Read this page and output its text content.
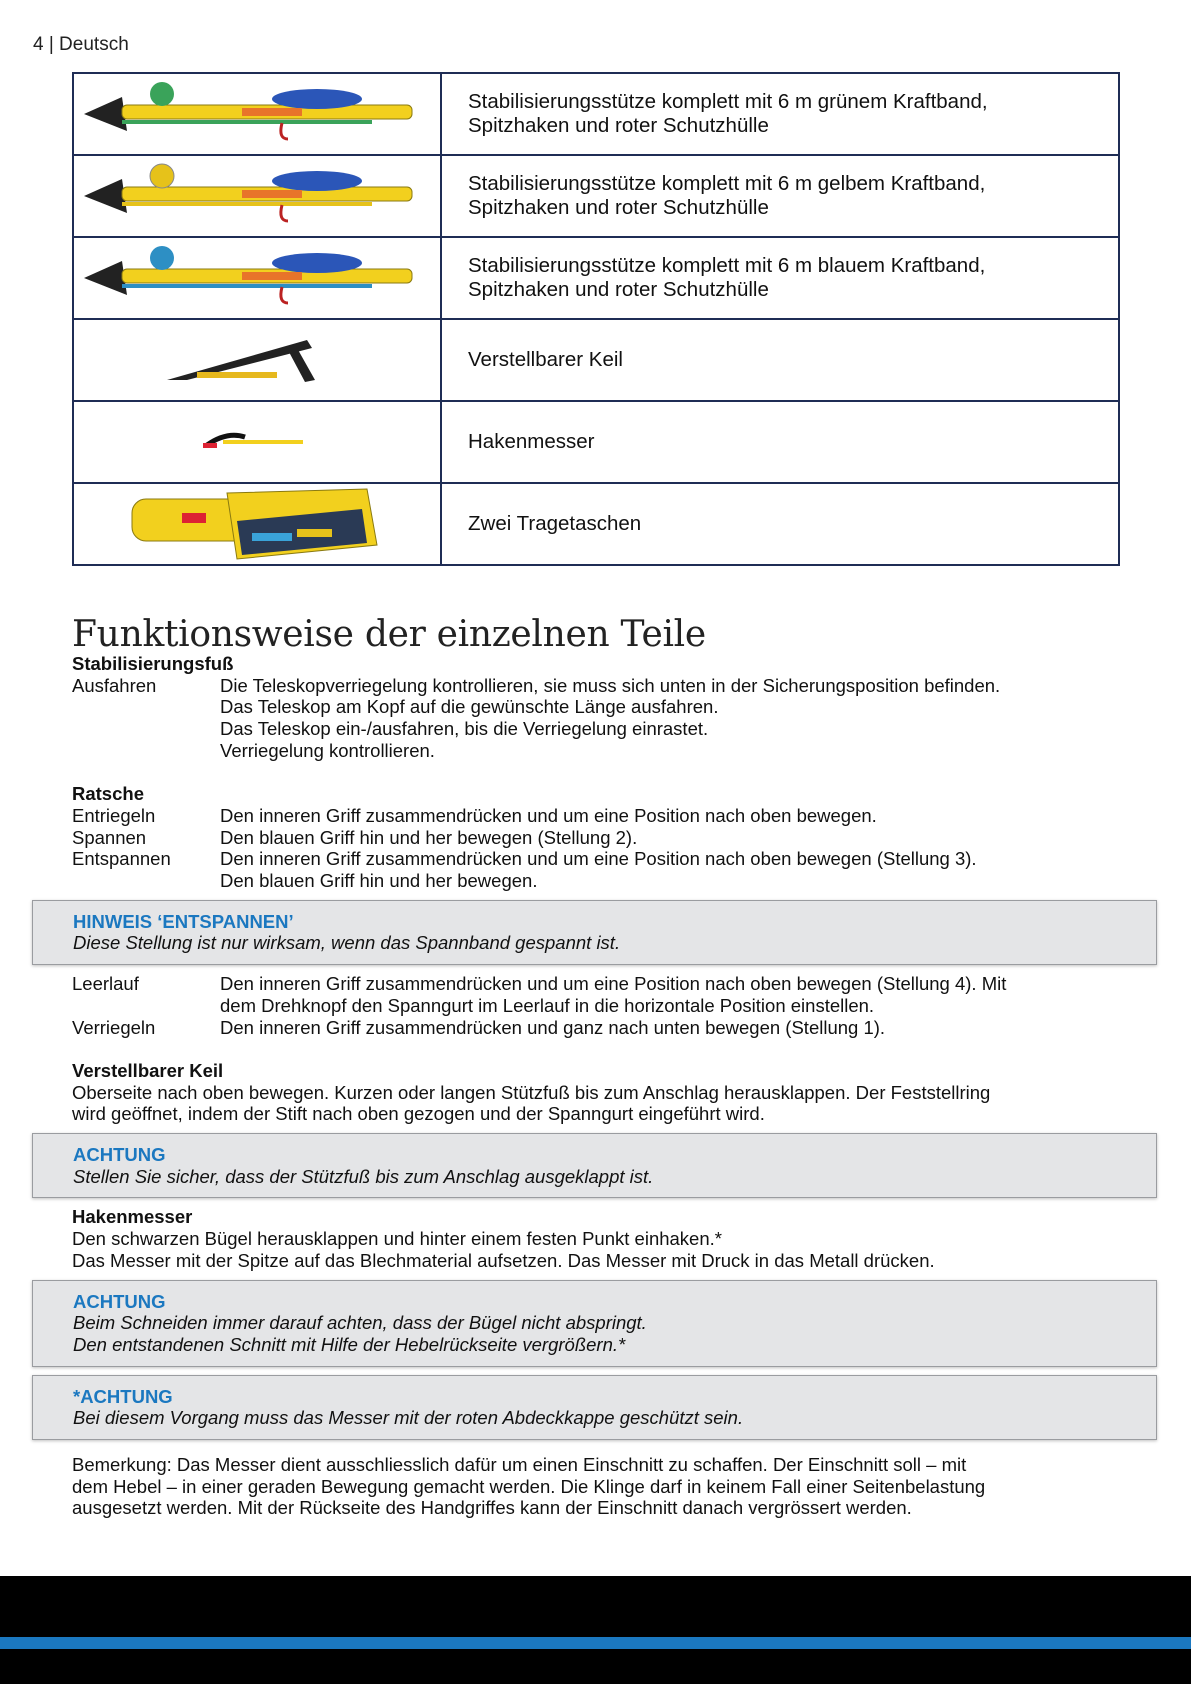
4 | Deutsch

Stabilisierungsstütze komplett mit 6 m grünem Kraftband,
Spitzhaken und roter Schutzhülle

Stabilisierungsstütze komplett mit 6 m gelbem Kraftband,
Spitzhaken und roter Schutzhülle

Stabilisierungsstütze komplett mit 6 m blauem Kraftband,
Spitzhaken und roter Schutzhülle

Verstellbarer Keil

Hakenmesser

Zwei Tragetaschen
Funktionsweise der einzelnen Teile

Stabilisierungsfuß

Ausfahren	Die Teleskopverriegelung kontrollieren, sie muss sich unten in der Sicherungsposition befinden.
Das Teleskop am Kopf auf die gewünschte Länge ausfahren.
Das Teleskop ein-/ausfahren, bis die Verriegelung einrastet.
Verriegelung kontrollieren.

Ratsche

Entriegeln	Den inneren Griff zusammendrücken und um eine Position nach oben bewegen.
Spannen	Den blauen Griff hin und her bewegen (Stellung 2).
Entspannen	Den inneren Griff zusammendrücken und um eine Position nach oben bewegen (Stellung 3).
Den blauen Griff hin und her bewegen.
HINWEIS ‘ENTSPANNEN’
Diese Stellung ist nur wirksam, wenn das Spannband gespannt ist.
Leerlauf	Den inneren Griff zusammendrücken und um eine Position nach oben bewegen (Stellung 4). Mit
dem Drehknopf den Spanngurt im Leerlauf in die horizontale Position einstellen.
Verriegeln	Den inneren Griff zusammendrücken und ganz nach unten bewegen (Stellung 1).

Verstellbarer Keil

Oberseite nach oben bewegen. Kurzen oder langen Stützfuß bis zum Anschlag herausklappen. Der Feststellring
wird geöffnet, indem der Stift nach oben gezogen und der Spanngurt eingeführt wird.
ACHTUNG
Stellen Sie sicher, dass der Stützfuß bis zum Anschlag ausgeklappt ist.

Hakenmesser

Den schwarzen Bügel herausklappen und hinter einem festen Punkt einhaken.*
Das Messer mit der Spitze auf das Blechmaterial aufsetzen. Das Messer mit Druck in das Metall drücken.
ACHTUNG
Beim Schneiden immer darauf achten, dass der Bügel nicht abspringt.
Den entstandenen Schnitt mit Hilfe der Hebelrückseite vergrößern.*
*ACHTUNG
Bei diesem Vorgang muss das Messer mit der roten Abdeckkappe geschützt sein.
Bemerkung: Das Messer dient ausschliesslich dafür um einen Einschnitt zu schaffen. Der Einschnitt soll – mit
dem Hebel – in einer geraden Bewegung gemacht werden. Die Klinge darf in keinem Fall einer Seitenbelastung
ausgesetzt werden. Mit der Rückseite des Handgriffes kann der Einschnitt danach vergrössert werden.
